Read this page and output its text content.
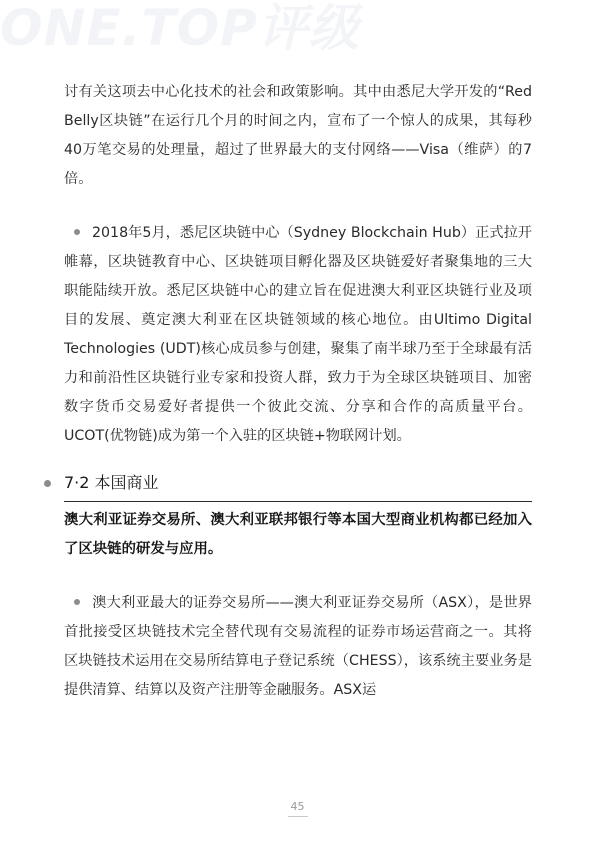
ONE.TOP评级

讨有关这项去中心化技术的社会和政策影响。其中由悉尼大学开发的“Red Belly区块链”在运行几个月的时间之内，宣布了一个惊人的成果，其每秒40万笔交易的处理量，超过了世界最大的支付网络——Visa（维萨）的7倍。

2018年5月，悉尼区块链中心（Sydney Blockchain Hub）正式拉开帷幕，区块链教育中心、区块链项目孵化器及区块链爱好者聚集地的三大职能陆续开放。悉尼区块链中心的建立旨在促进澳大利亚区块链行业及项目的发展、奠定澳大利亚在区块链领域的核心地位。由Ultimo Digital Technologies (UDT)核心成员参与创建，聚集了南半球乃至于全球最有活力和前沿性区块链行业专家和投资人群，致力于为全球区块链项目、加密数字货币交易爱好者提供一个彼此交流、分享和合作的高质量平台。UCOT(优物链)成为第一个入驻的区块链+物联网计划。

7·2 本国商业

澳大利亚证券交易所、澳大利亚联邦银行等本国大型商业机构都已经加入了区块链的研发与应用。

澳大利亚最大的证券交易所——澳大利亚证券交易所（ASX），是世界首批接受区块链技术完全替代现有交易流程的证券市场运营商之一。其将区块链技术运用在交易所结算电子登记系统（CHESS），该系统主要业务是提供清算、结算以及资产注册等金融服务。ASX运

45
